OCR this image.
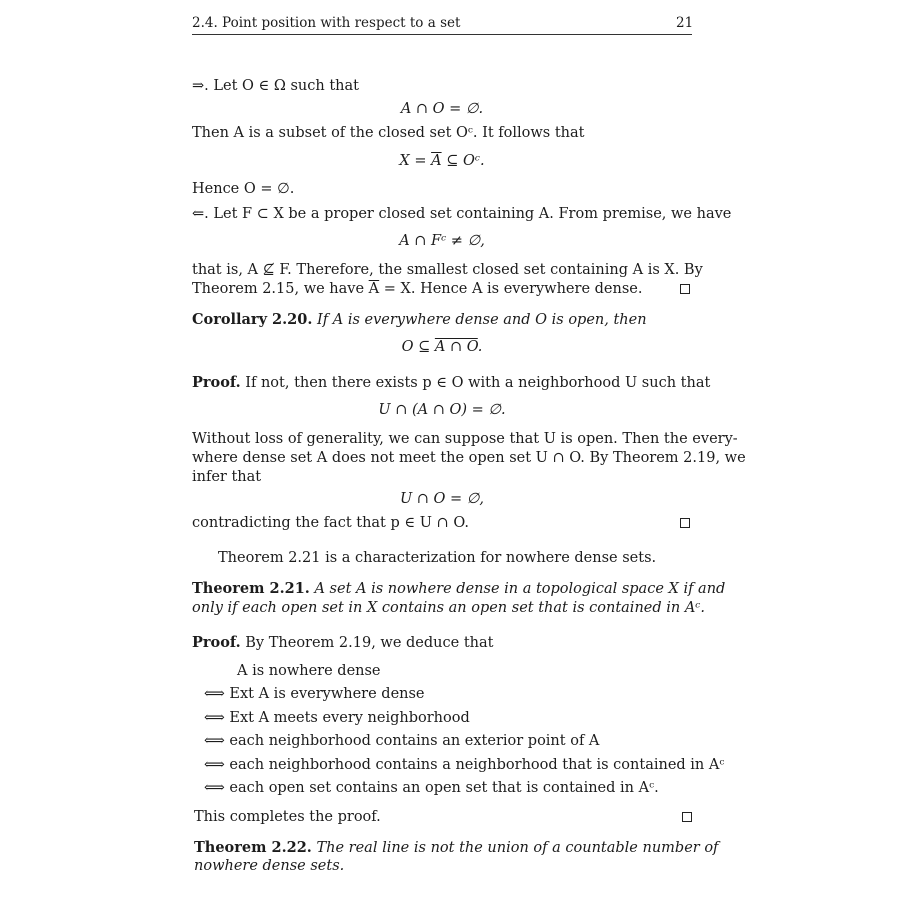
2.4. Point position with respect to a set	21
⇒. Let O ∈ Ω such that
A ∩ O = ∅.
Then A is a subset of the closed set Oᶜ. It follows that
$X = \overline{A}$ ⊆ Oᶜ.
Hence O = ∅.
⇐. Let F ⊂ X be a proper closed set containing A. From premise, we have
A ∩ Fᶜ ≠ ∅,
that is, A ⊈ F. Therefore, the smallest closed set containing A is X. By
Theorem 2.15, we have $\overline{A} = X$. Hence A is everywhere dense.
Corollary 2.20. If A is everywhere dense and O is open, then
O ⊆ A ∩ O.
Proof. If not, then there exists p ∈ O with a neighborhood U such that
U ∩ (A ∩ O) = ∅.
Without loss of generality, we can suppose that U is open. Then the every-
where dense set A does not meet the open set U ∩ O. By Theorem 2.19, we
infer that
U ∩ O = ∅,
contradicting the fact that p ∈ U ∩ O.
Theorem 2.21 is a characterization for nowhere dense sets.
Theorem 2.21. A set A is nowhere dense in a topological space X if and
only if each open set in X contains an open set that is contained in Aᶜ.
Proof. By Theorem 2.19, we deduce that
A is nowhere dense
⟺ Ext A is everywhere dense
⟺ Ext A meets every neighborhood
⟺ each neighborhood contains an exterior point of A
⟺ each neighborhood contains a neighborhood that is contained in Aᶜ
⟺ each open set contains an open set that is contained in Aᶜ.
This completes the proof.
Theorem 2.22. The real line is not the union of a countable number of
nowhere dense sets.
